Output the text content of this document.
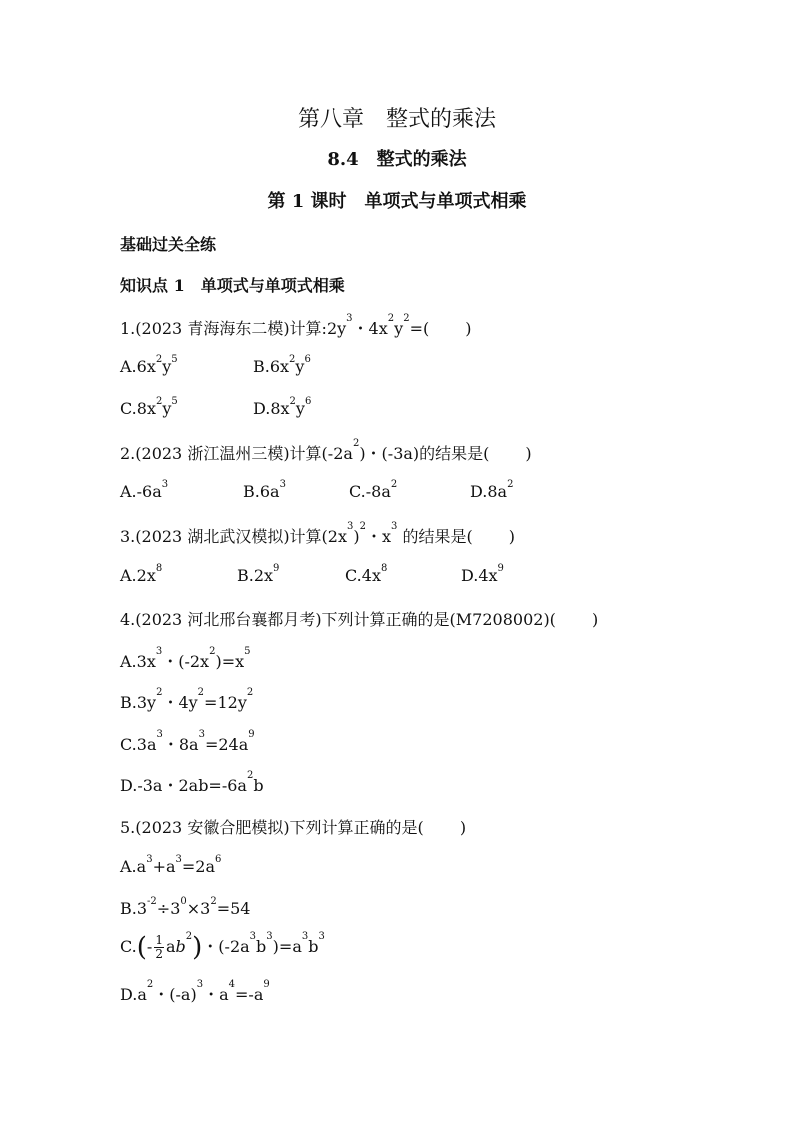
第八章 整式的乘法
8.4　整式的乘法
第 1 课时　单项式与单项式相乘
基础过关全练
知识点 1　单项式与单项式相乘
1.(2023 青海海东二模)计算$:2y^3$・$4x^2y^2=$( )
$A.6x^2y^5$	$B.6x^2y^6$
$C.8x^2y^5$	$D.8x^2y^6$
2.(2023 浙江温州三模)计算$(-2a^2)$・(-3a)的结果是( )
$A.-6a^3$	$B.6a^3$	$C.-8a^2$	$D.8a^2$
3.(2023 湖北武汉模拟)计算$(2x^3)^2$・$x^3$ 的结果是( )
$A.2x^8$	$B.2x^9$	$C.4x^8$	$D.4x^9$
4.(2023 河北邢台襄都月考)下列计算正确的是(M7208002)( )
$A.3x^3$・$(-2x^2)=x^5$
$B.3y^2$・$4y^2=12y^2$
$C.3a^3$・$8a^3=24a^9$
D.-3a・$2ab=-6a^2b$
5.(2023 安徽合肥模拟)下列计算正确的是( )
$A.a^3+a^3=2a^6$
$B.3^{-2}\div 3^0\times 3^2=54$
$C.(- \frac{1}{2} ab^2)$・$(-2a^3b^3)=a^3b^3$
$D.a^2$・$(-a)^3$・$a^4=-a^9$
